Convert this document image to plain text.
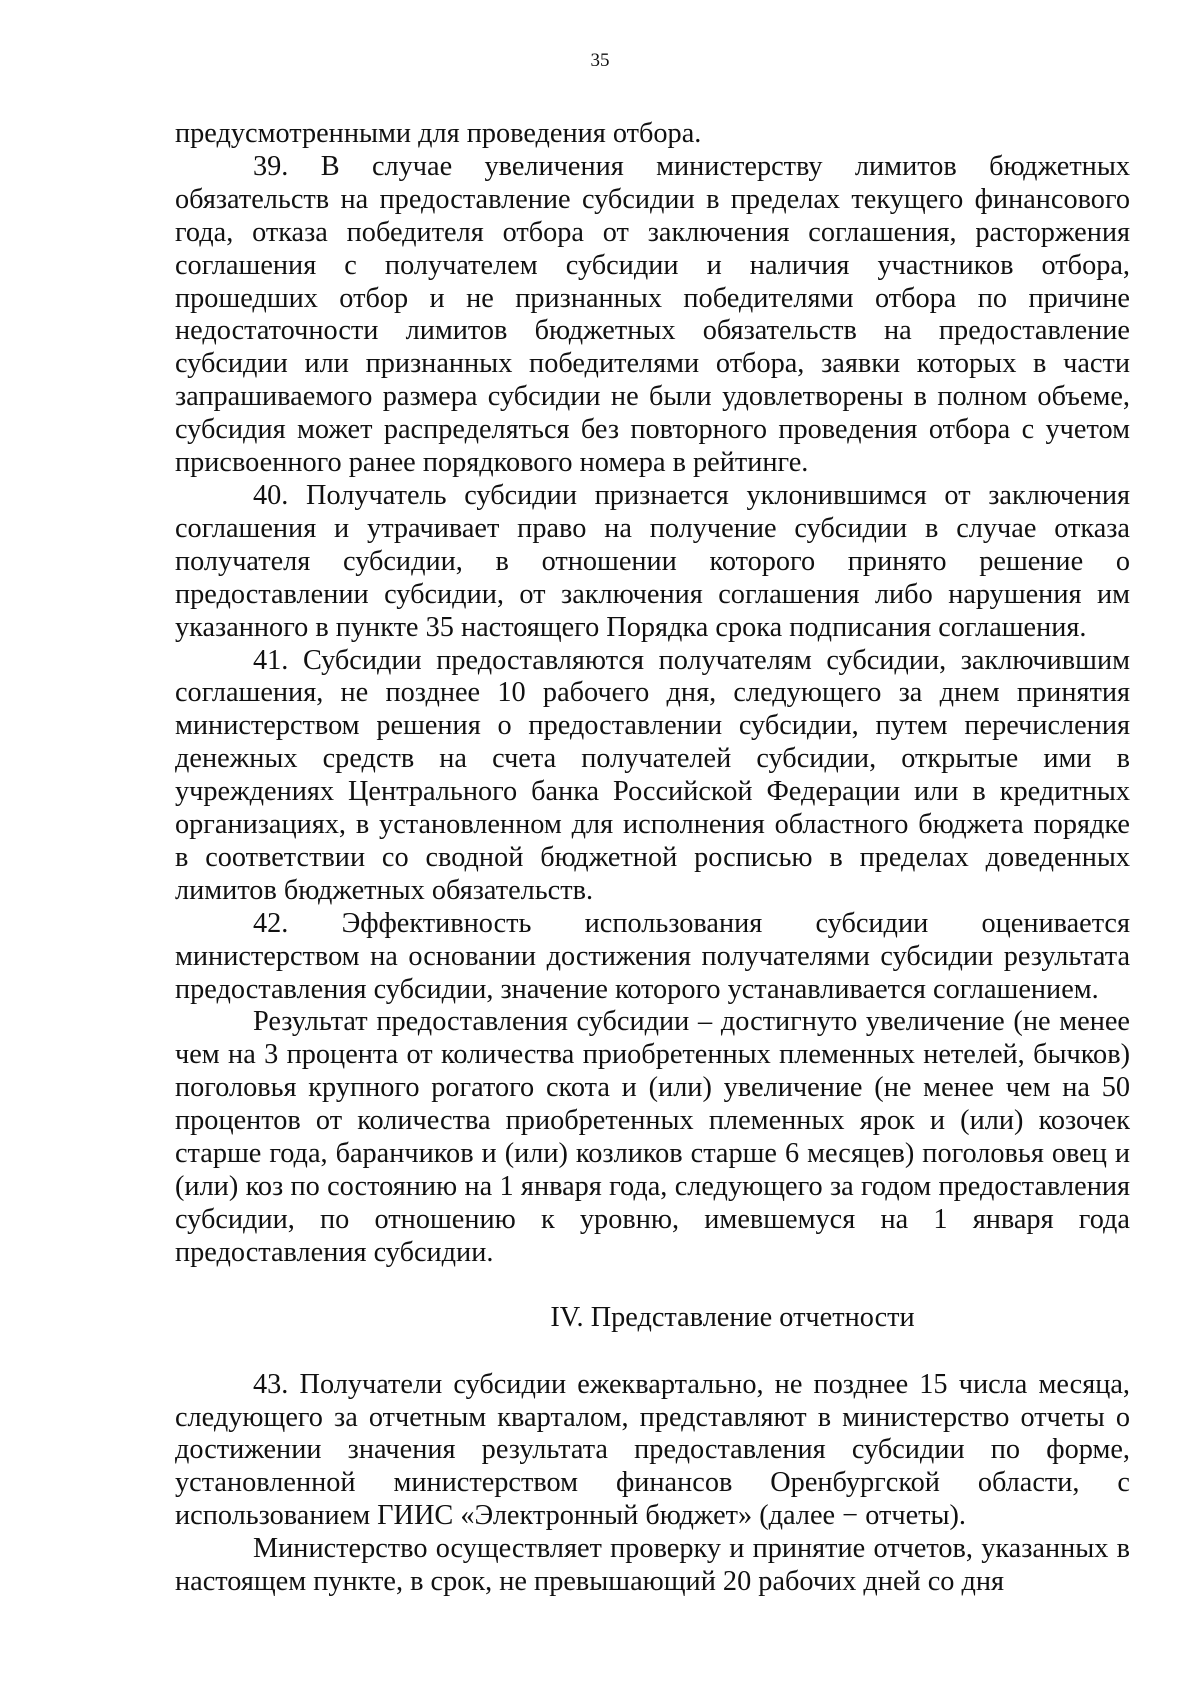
35

предусмотренными для проведения отбора.

39. В случае увеличения министерству лимитов бюджетных обязательств на предоставление субсидии в пределах текущего финансового года, отказа победителя отбора от заключения соглашения, расторжения соглашения с получателем субсидии и наличия участников отбора, прошедших отбор и не признанных победителями отбора по причине недостаточности лимитов бюджетных обязательств на предоставление субсидии или признанных победителями отбора, заявки которых в части запрашиваемого размера субсидии не были удовлетворены в полном объеме, субсидия может распределяться без повторного проведения отбора с учетом присвоенного ранее порядкового номера в рейтинге.

40. Получатель субсидии признается уклонившимся от заключения соглашения и утрачивает право на получение субсидии в случае отказа получателя субсидии, в отношении которого принято решение о предоставлении субсидии, от заключения соглашения либо нарушения им указанного в пункте 35 настоящего Порядка срока подписания соглашения.

41. Субсидии предоставляются получателям субсидии, заключившим соглашения, не позднее 10 рабочего дня, следующего за днем принятия министерством решения о предоставлении субсидии, путем перечисления денежных средств на счета получателей субсидии, открытые ими в учреждениях Центрального банка Российской Федерации или в кредитных организациях, в установленном для исполнения областного бюджета порядке в соответствии со сводной бюджетной росписью в пределах доведенных лимитов бюджетных обязательств.

42. Эффективность использования субсидии оценивается министерством на основании достижения получателями субсидии результата предоставления субсидии, значение которого устанавливается соглашением.

Результат предоставления субсидии – достигнуто увеличение (не менее чем на 3 процента от количества приобретенных племенных нетелей, бычков) поголовья крупного рогатого скота и (или) увеличение (не менее чем на 50 процентов от количества приобретенных племенных ярок и (или) козочек старше года, баранчиков и (или) козликов старше 6 месяцев) поголовья овец и (или) коз по состоянию на 1 января года, следующего за годом предоставления субсидии, по отношению к уровню, имевшемуся на 1 января года предоставления субсидии.

IV. Представление отчетности

43. Получатели субсидии ежеквартально, не позднее 15 числа месяца, следующего за отчетным кварталом, представляют в министерство отчеты о достижении значения результата предоставления субсидии по форме, установленной министерством финансов Оренбургской области, с использованием ГИИС «Электронный бюджет» (далее − отчеты).

Министерство осуществляет проверку и принятие отчетов, указанных в настоящем пункте, в срок, не превышающий 20 рабочих дней со дня
